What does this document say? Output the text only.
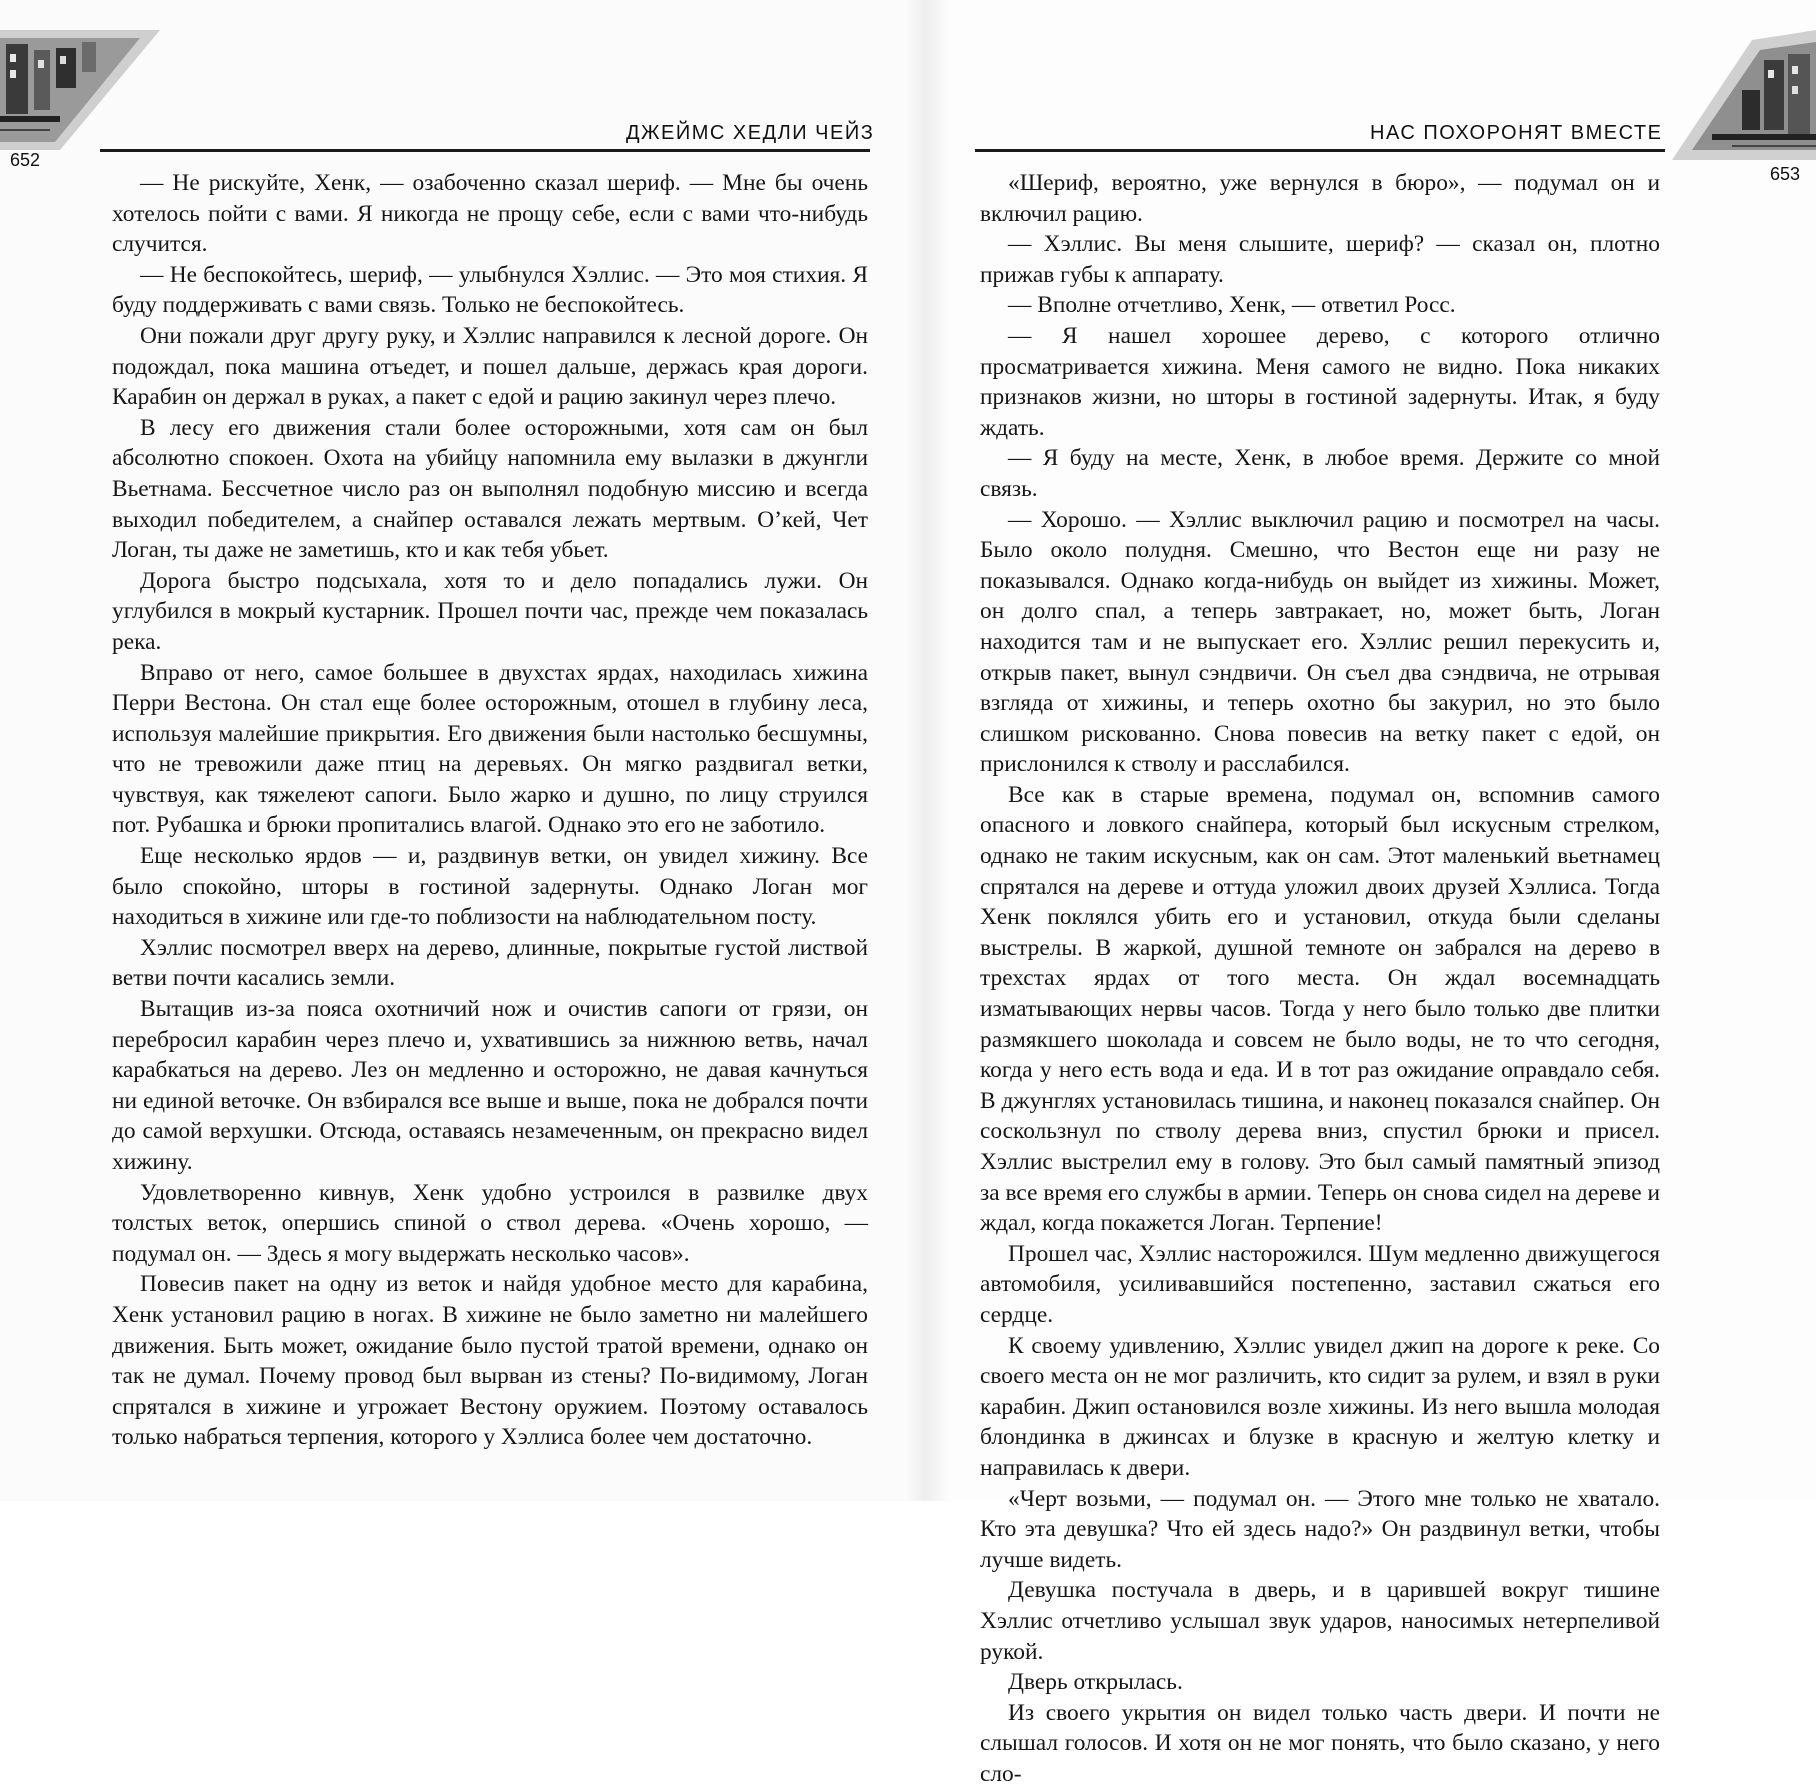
ДЖЕЙМС ХЕДЛИ ЧЕЙЗ
652

— Не рискуйте, Хенк, — озабоченно сказал шериф. — Мне бы очень хотелось пойти с вами. Я никогда не прощу себе, если с вами что-нибудь случится.

— Не беспокойтесь, шериф, — улыбнулся Хэллис. — Это моя стихия. Я буду поддерживать с вами связь. Только не беспокойтесь.

Они пожали друг другу руку, и Хэллис направился к лесной дороге. Он подождал, пока машина отъедет, и пошел дальше, держась края дороги. Карабин он держал в руках, а пакет с едой и рацию закинул через плечо.

В лесу его движения стали более осторожными, хотя сам он был абсолютно спокоен. Охота на убийцу напомнила ему вылазки в джунгли Вьетнама. Бессчетное число раз он выполнял подобную миссию и всегда выходил победителем, а снайпер оставался лежать мертвым. О’кей, Чет Логан, ты даже не заметишь, кто и как тебя убьет.

Дорога быстро подсыхала, хотя то и дело попадались лужи. Он углубился в мокрый кустарник. Прошел почти час, прежде чем показалась река.

Вправо от него, самое большее в двухстах ярдах, находилась хижина Перри Вестона. Он стал еще более осторожным, отошел в глубину леса, используя малейшие прикрытия. Его движения были настолько бесшумны, что не тревожили даже птиц на деревьях. Он мягко раздвигал ветки, чувствуя, как тяжелеют сапоги. Было жарко и душно, по лицу струился пот. Рубашка и брюки пропитались влагой. Однако это его не заботило.

Еще несколько ярдов — и, раздвинув ветки, он увидел хижину. Все было спокойно, шторы в гостиной задернуты. Однако Логан мог находиться в хижине или где-то поблизости на наблюдательном посту.

Хэллис посмотрел вверх на дерево, длинные, покрытые густой листвой ветви почти касались земли.

Вытащив из-за пояса охотничий нож и очистив сапоги от грязи, он перебросил карабин через плечо и, ухватившись за нижнюю ветвь, начал карабкаться на дерево. Лез он медленно и осторожно, не давая качнуться ни единой веточке. Он взбирался все выше и выше, пока не добрался почти до самой верхушки. Отсюда, оставаясь незамеченным, он прекрасно видел хижину.

Удовлетворенно кивнув, Хенк удобно устроился в развилке двух толстых веток, опершись спиной о ствол дерева. «Очень хорошо, — подумал он. — Здесь я могу выдержать несколько часов».

Повесив пакет на одну из веток и найдя удобное место для карабина, Хенк установил рацию в ногах. В хижине не было заметно ни малейшего движения. Быть может, ожидание было пустой тратой времени, однако он так не думал. Почему провод был вырван из стены? По-видимому, Логан спрятался в хижине и угрожает Вестону оружием. Поэтому оставалось только набраться терпения, которого у Хэллиса более чем достаточно.

НАС ПОХОРОНЯТ ВМЕСТЕ
653

«Шериф, вероятно, уже вернулся в бюро», — подумал он и включил рацию.

— Хэллис. Вы меня слышите, шериф? — сказал он, плотно прижав губы к аппарату.

— Вполне отчетливо, Хенк, — ответил Росс.

— Я нашел хорошее дерево, с которого отлично просматривается хижина. Меня самого не видно. Пока никаких признаков жизни, но шторы в гостиной задернуты. Итак, я буду ждать.

— Я буду на месте, Хенк, в любое время. Держите со мной связь.

— Хорошо. — Хэллис выключил рацию и посмотрел на часы. Было около полудня. Смешно, что Вестон еще ни разу не показывался. Однако когда-нибудь он выйдет из хижины. Может, он долго спал, а теперь завтракает, но, может быть, Логан находится там и не выпускает его. Хэллис решил перекусить и, открыв пакет, вынул сэндвичи. Он съел два сэндвича, не отрывая взгляда от хижины, и теперь охотно бы закурил, но это было слишком рискованно. Снова повесив на ветку пакет с едой, он прислонился к стволу и расслабился.

Все как в старые времена, подумал он, вспомнив самого опасного и ловкого снайпера, который был искусным стрелком, однако не таким искусным, как он сам. Этот маленький вьетнамец спрятался на дереве и оттуда уложил двоих друзей Хэллиса. Тогда Хенк поклялся убить его и установил, откуда были сделаны выстрелы. В жаркой, душной темноте он забрался на дерево в трехстах ярдах от того места. Он ждал восемнадцать изматывающих нервы часов. Тогда у него было только две плитки размякшего шоколада и совсем не было воды, не то что сегодня, когда у него есть вода и еда. И в тот раз ожидание оправдало себя. В джунглях установилась тишина, и наконец показался снайпер. Он соскользнул по стволу дерева вниз, спустил брюки и присел. Хэллис выстрелил ему в голову. Это был самый памятный эпизод за все время его службы в армии. Теперь он снова сидел на дереве и ждал, когда покажется Логан. Терпение!

Прошел час, Хэллис насторожился. Шум медленно движущегося автомобиля, усиливавшийся постепенно, заставил сжаться его сердце.

К своему удивлению, Хэллис увидел джип на дороге к реке. Со своего места он не мог различить, кто сидит за рулем, и взял в руки карабин. Джип остановился возле хижины. Из него вышла молодая блондинка в джинсах и блузке в красную и желтую клетку и направилась к двери.

«Черт возьми, — подумал он. — Этого мне только не хватало. Кто эта девушка? Что ей здесь надо?» Он раздвинул ветки, чтобы лучше видеть.

Девушка постучала в дверь, и в царившей вокруг тишине Хэллис отчетливо услышал звук ударов, наносимых нетерпеливой рукой.

Дверь открылась.

Из своего укрытия он видел только часть двери. И почти не слышал голосов. И хотя он не мог понять, что было сказано, у него сло-
